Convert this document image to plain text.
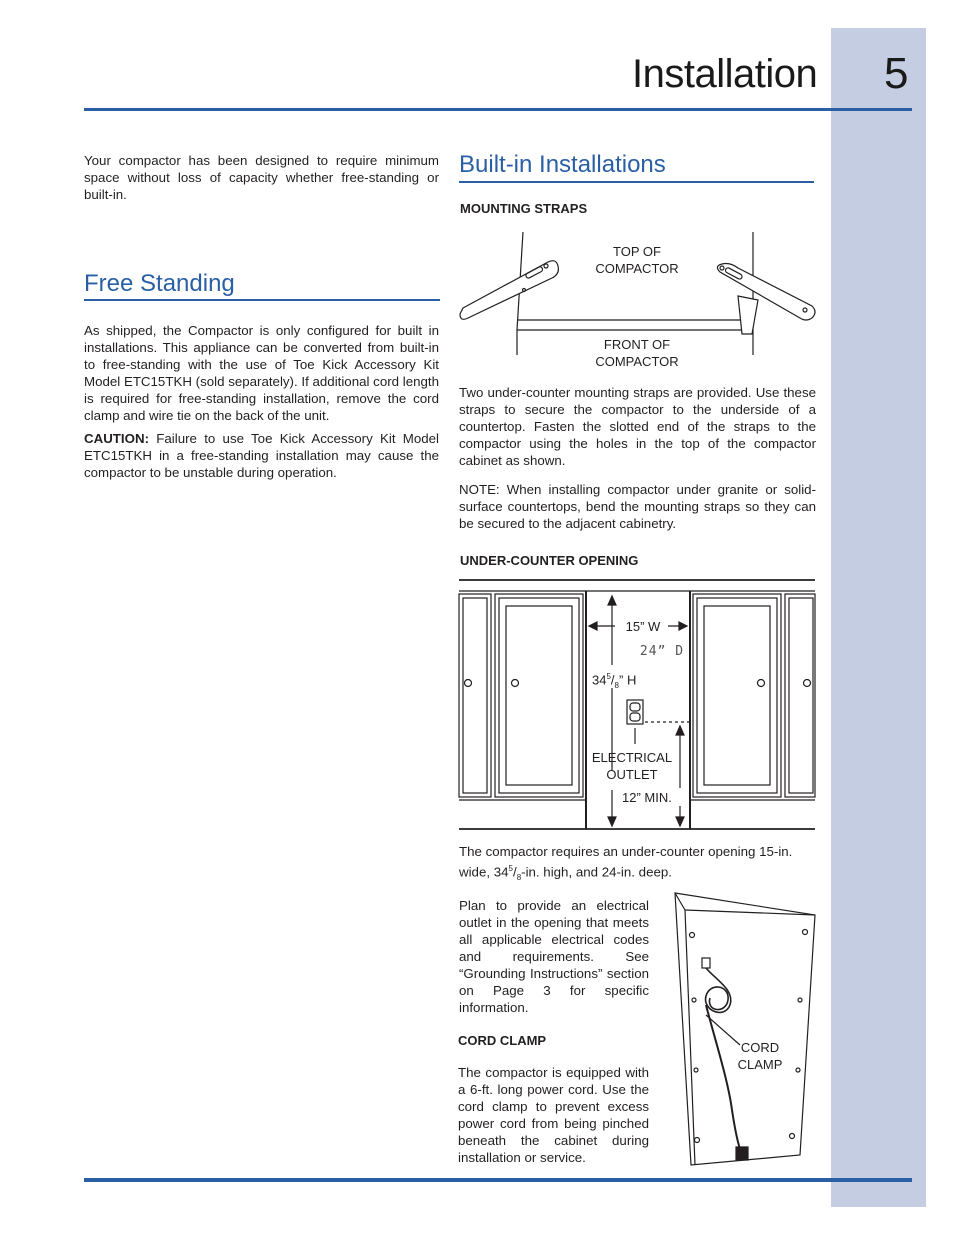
Installation 5

Your compactor has been designed to require minimum space without loss of capacity whether free-standing or built-in.

Free Standing

As shipped, the Compactor is only configured for built in installations. This appliance can be converted from built-in to free-standing with the use of Toe Kick Accessory Kit Model ETC15TKH (sold separately). If additional cord length is required for free-standing installation, remove the cord clamp and wire tie on the back of the unit.

CAUTION: Failure to use Toe Kick Accessory Kit Model ETC15TKH in a free-standing installation may cause the compactor to be unstable during operation.

Built-in Installations
MOUNTING STRAPS
TOP OF
COMPACTOR
FRONT OF
COMPACTOR

Two under-counter mounting straps are provided. Use these straps to secure the compactor to the underside of a countertop. Fasten the slotted end of the straps to the compactor using the holes in the top of the compactor cabinet as shown.

NOTE: When installing compactor under granite or solid-surface countertops, bend the mounting straps so they can be secured to the adjacent cabinetry.

UNDER-COUNTER OPENING
15” W
24” D
$34^5/_8$” H
ELECTRICAL
OUTLET
12” MIN.

The compactor requires an under-counter opening 15-in. wide, $34^5/_8-in$. high, and 24-in. deep.

Plan to provide an electrical outlet in the opening that meets all applicable electrical codes and requirements. See “Grounding Instructions” section on Page 3 for specific information.

CORD CLAMP

The compactor is equipped with a 6-ft. long power cord. Use the cord clamp to prevent excess power cord from being pinched beneath the cabinet during installation or service.

CORD
CLAMP
